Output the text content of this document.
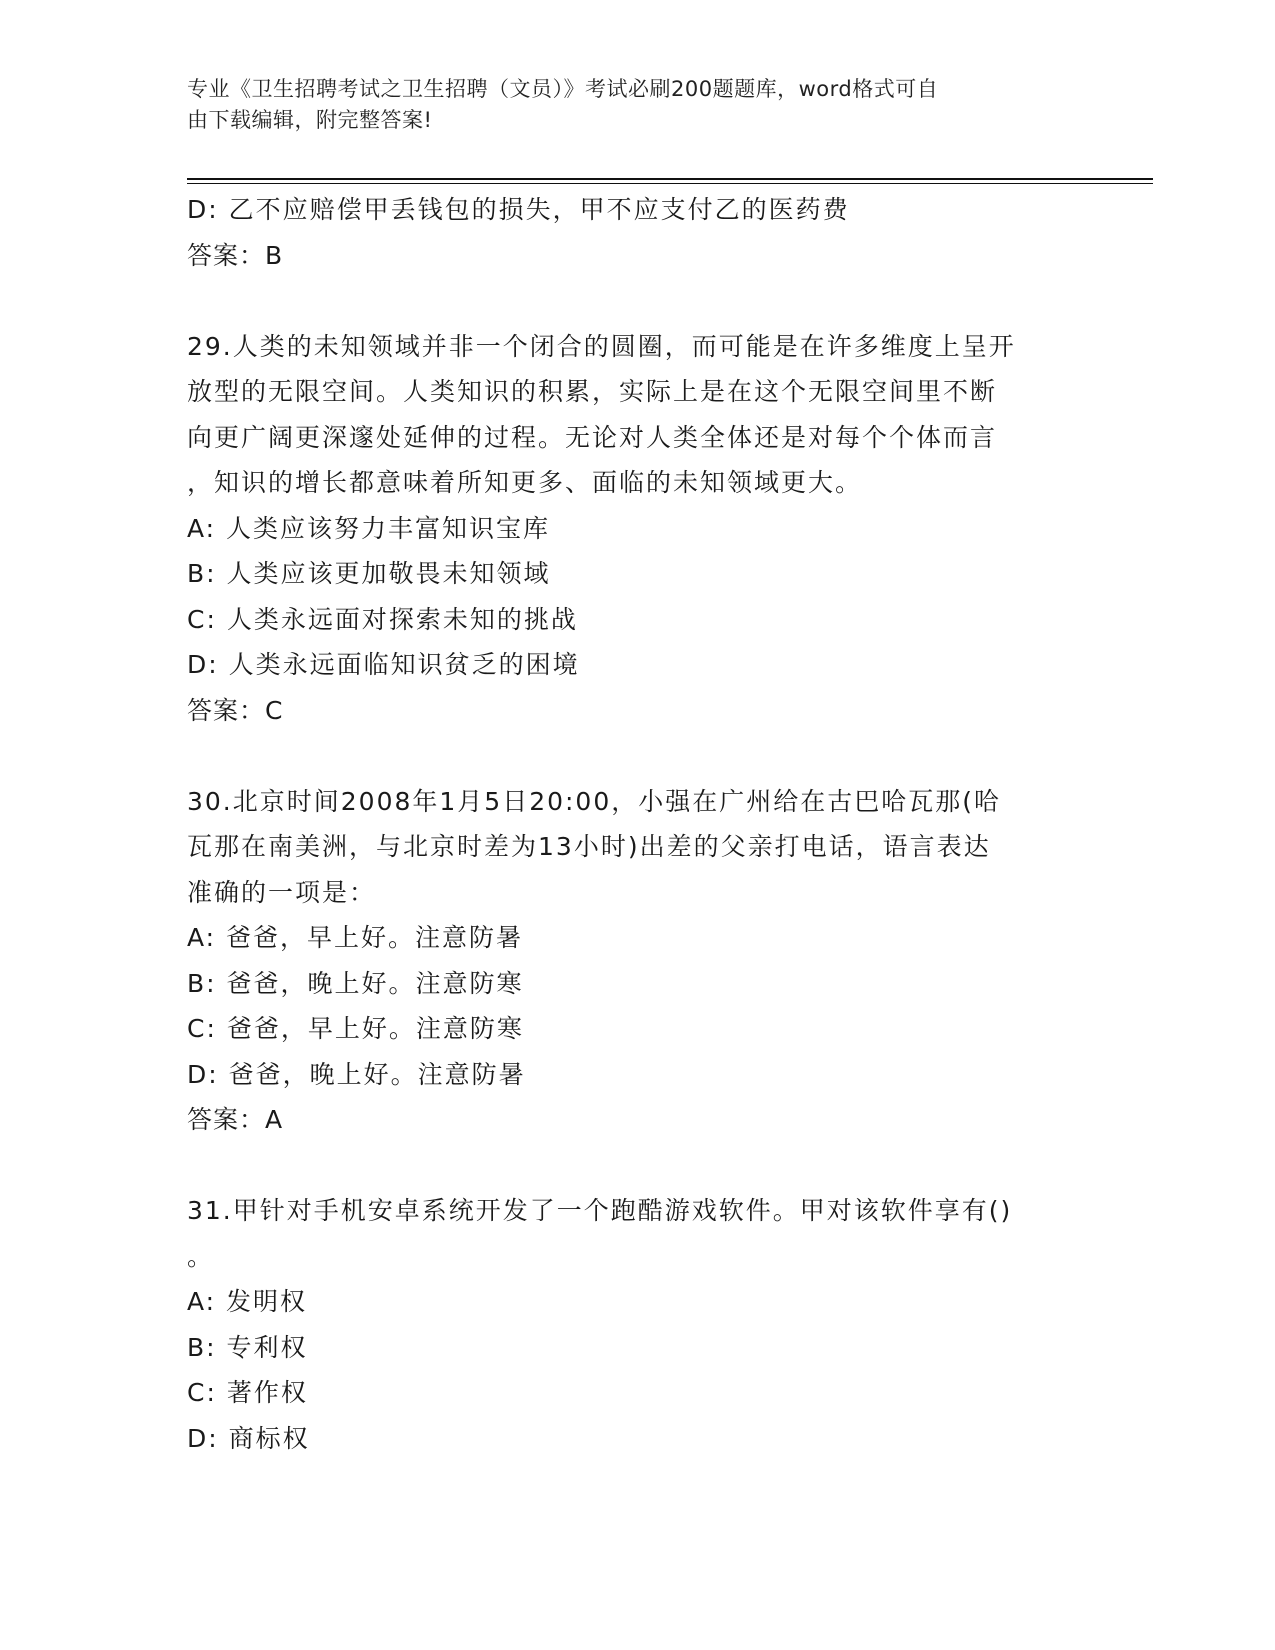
专业《卫生招聘考试之卫生招聘（文员）》考试必刷200题题库，word格式可自
由下载编辑，附完整答案!
D: 乙不应赔偿甲丢钱包的损失，甲不应支付乙的医药费
答案：B
29.人类的未知领域并非一个闭合的圆圈，而可能是在许多维度上呈开
放型的无限空间。人类知识的积累，实际上是在这个无限空间里不断
向更广阔更深邃处延伸的过程。无论对人类全体还是对每个个体而言
，知识的增长都意味着所知更多、面临的未知领域更大。
A: 人类应该努力丰富知识宝库
B: 人类应该更加敬畏未知领域
C: 人类永远面对探索未知的挑战
D: 人类永远面临知识贫乏的困境
答案：C
30.北京时间2008年1月5日20:00，小强在广州给在古巴哈瓦那(哈
瓦那在南美洲，与北京时差为13小时)出差的父亲打电话，语言表达
准确的一项是：
A: 爸爸，早上好。注意防暑
B: 爸爸，晚上好。注意防寒
C: 爸爸，早上好。注意防寒
D: 爸爸，晚上好。注意防暑
答案：A
31.甲针对手机安卓系统开发了一个跑酷游戏软件。甲对该软件享有()
。
A: 发明权
B: 专利权
C: 著作权
D: 商标权
